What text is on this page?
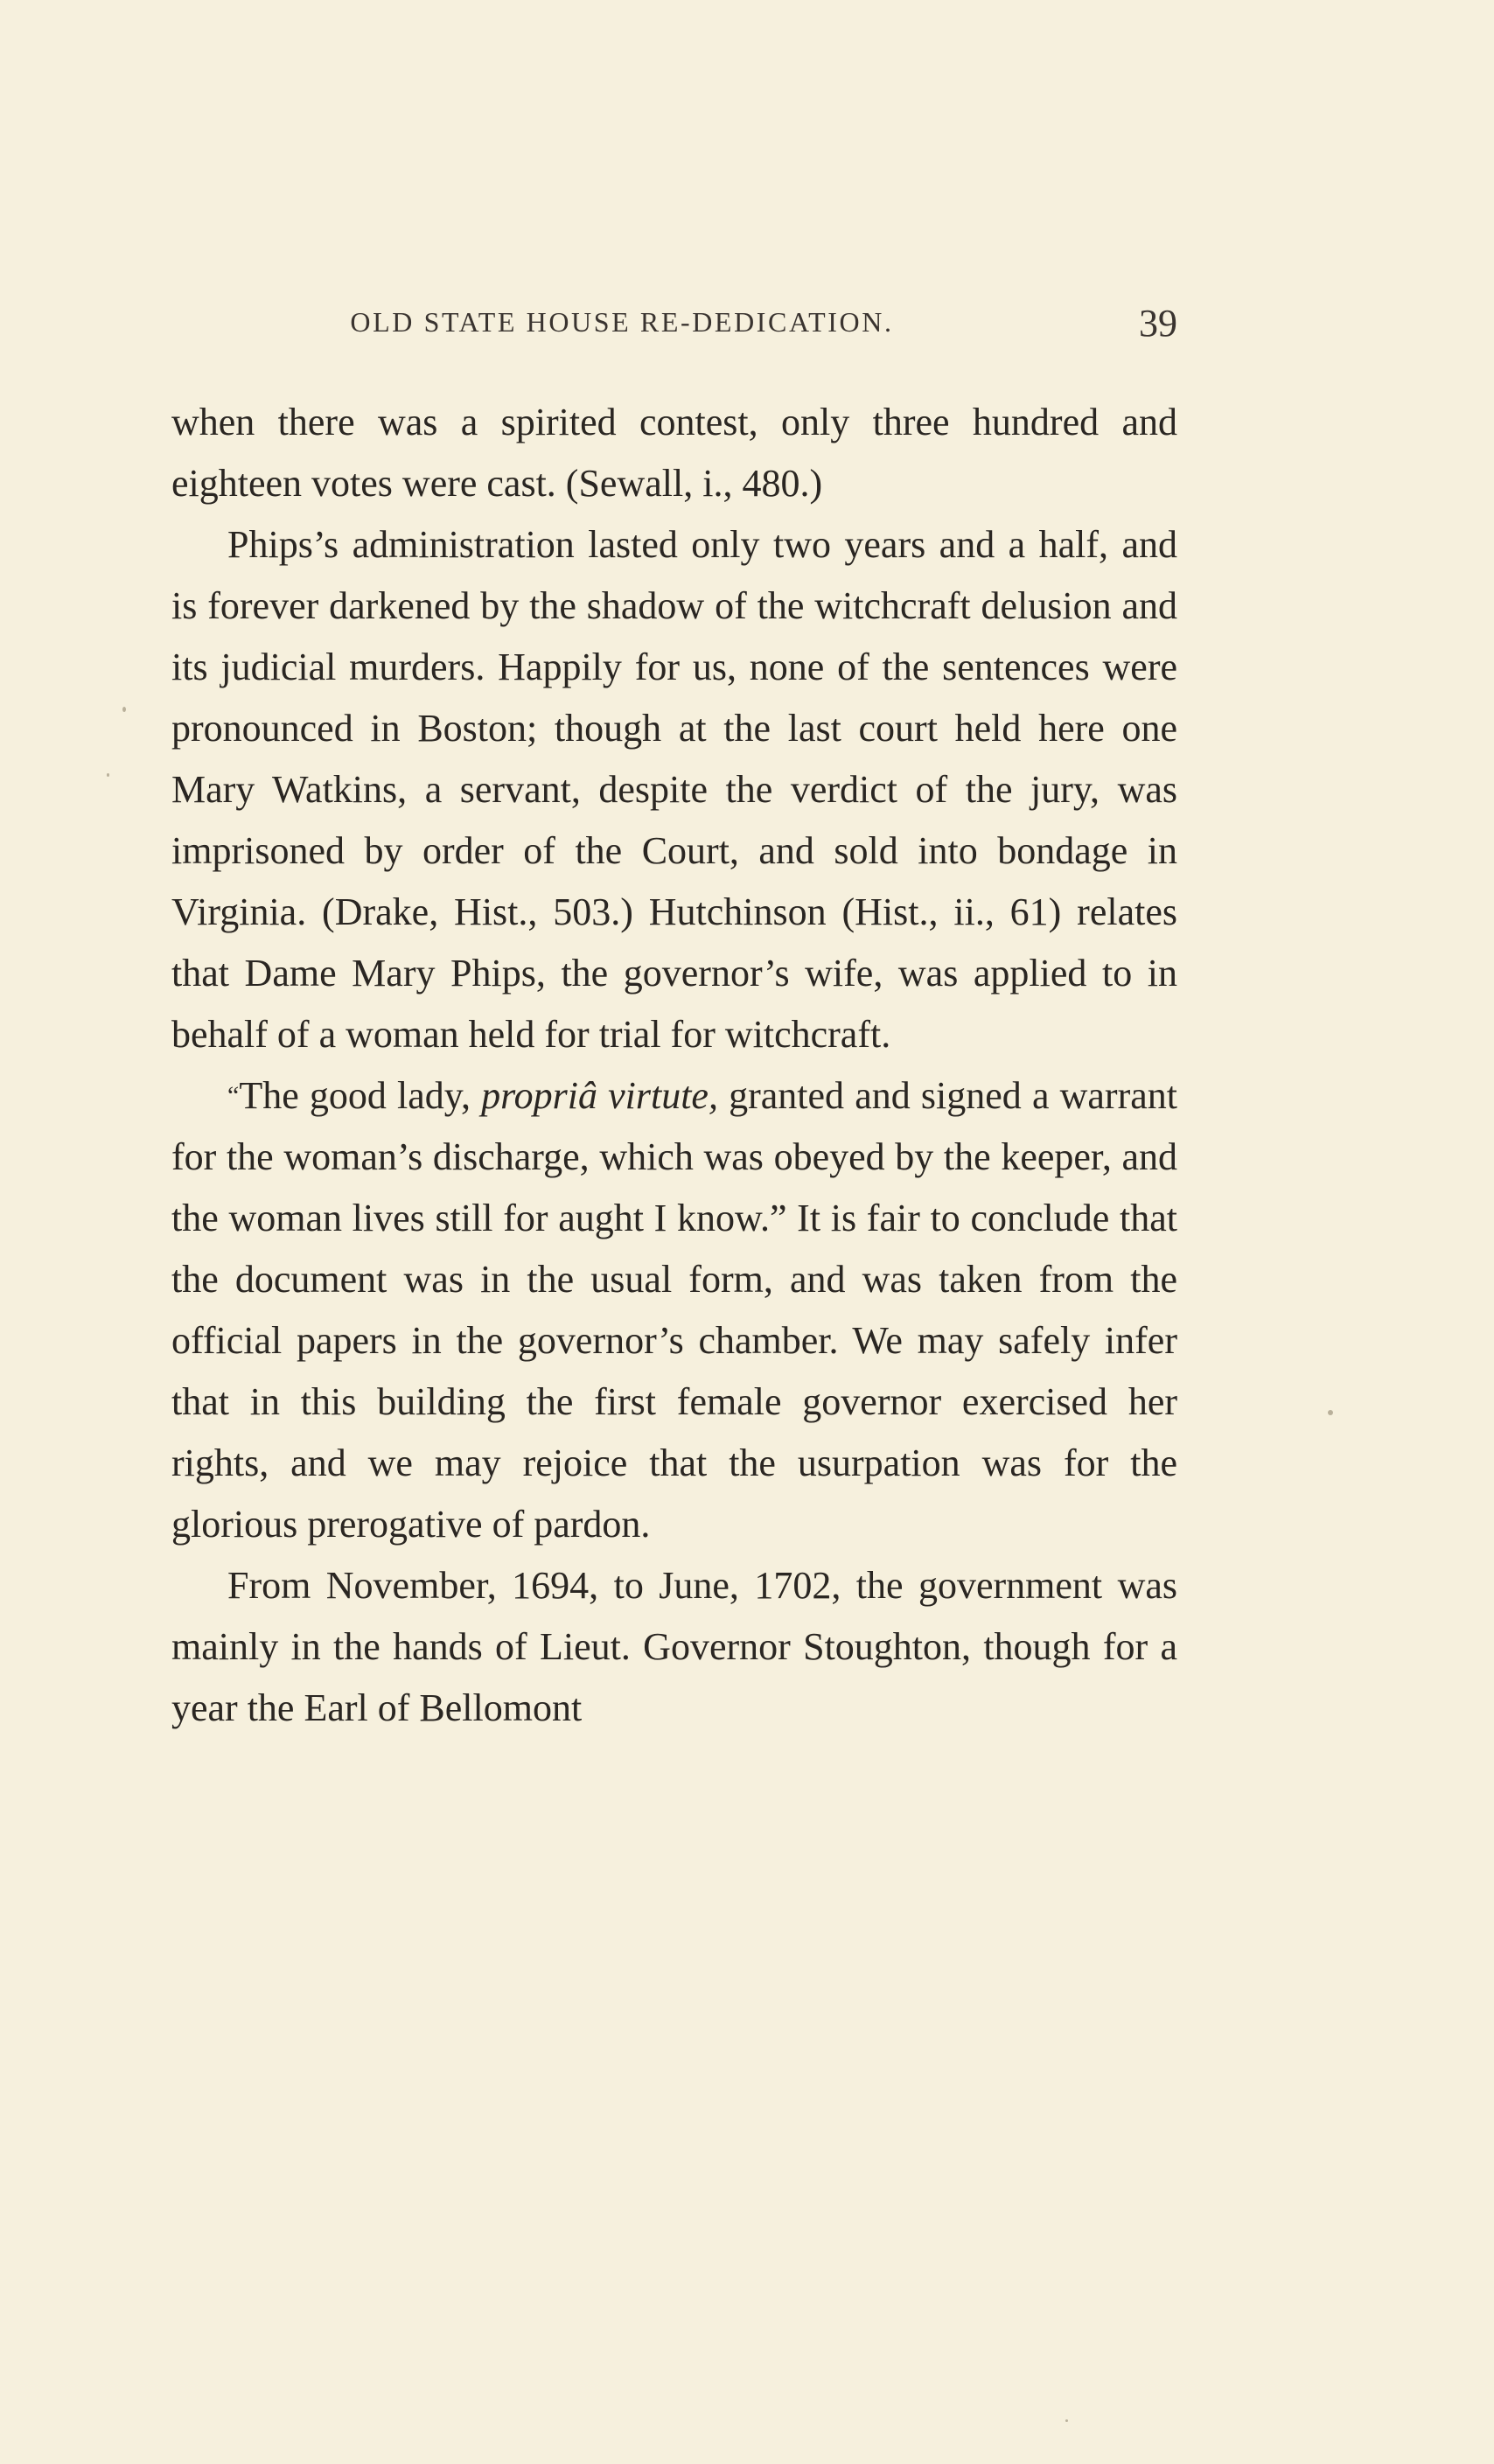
OLD STATE HOUSE RE-DEDICATION.	39

when there was a spirited contest, only three hundred and eighteen votes were cast. (Sewall, i., 480.)

Phips’s administration lasted only two years and a half, and is forever darkened by the shadow of the witchcraft delusion and its judicial murders. Happily for us, none of the sentences were pronounced in Boston; though at the last court held here one Mary Watkins, a servant, despite the verdict of the jury, was imprisoned by order of the Court, and sold into bondage in Virginia. (Drake, Hist., 503.) Hutchinson (Hist., ii., 61) relates that Dame Mary Phips, the governor’s wife, was applied to in behalf of a woman held for trial for witchcraft.

“The good lady, propriâ virtute, granted and signed a warrant for the woman’s discharge, which was obeyed by the keeper, and the woman lives still for aught I know.” It is fair to conclude that the document was in the usual form, and was taken from the official papers in the governor’s chamber. We may safely infer that in this building the first female governor exercised her rights, and we may rejoice that the usurpation was for the glorious prerogative of pardon.

From November, 1694, to June, 1702, the government was mainly in the hands of Lieut. Governor Stoughton, though for a year the Earl of Bellomont
